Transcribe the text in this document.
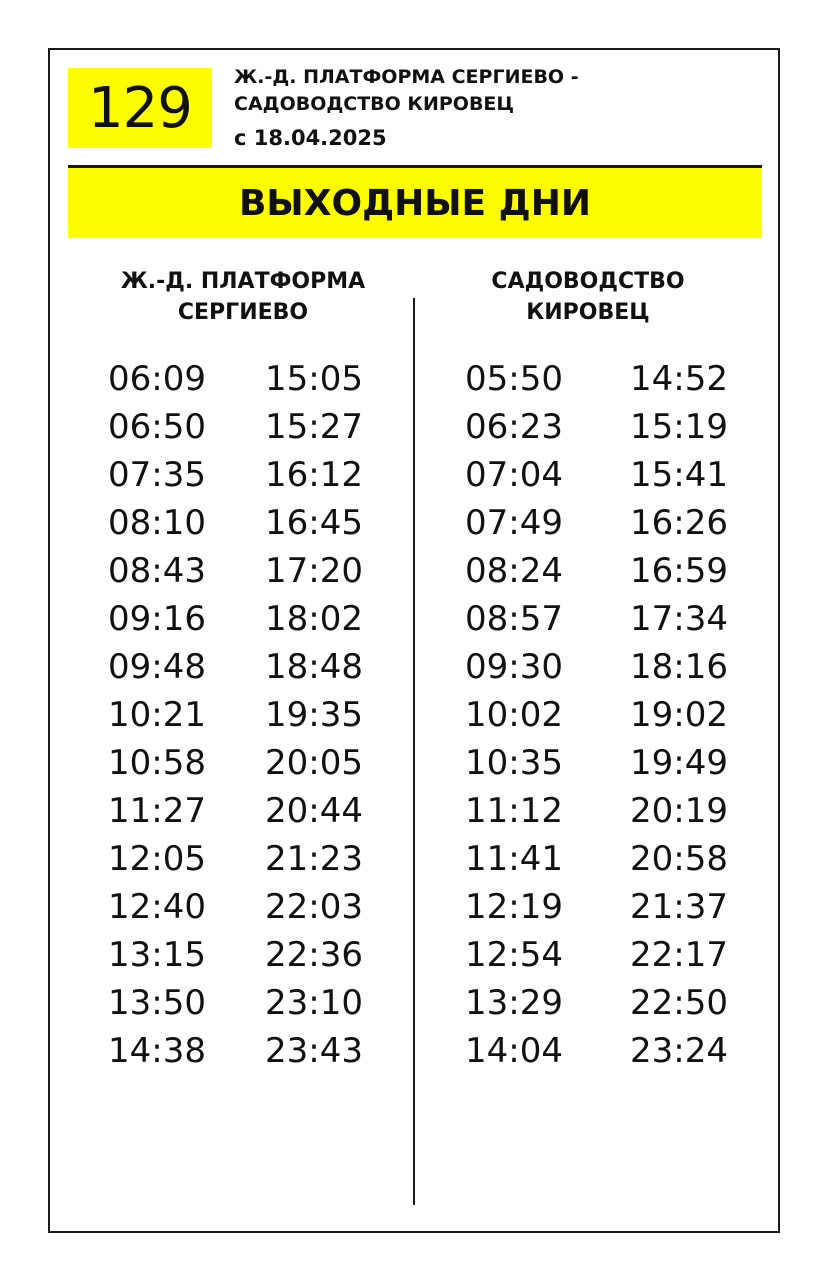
129 Ж.-Д. ПЛАТФОРМА СЕРГИЕВО -
САДОВОДСТВО КИРОВЕЦ
с 18.04.2025
ВЫХОДНЫЕ ДНИ
Ж.-Д. ПЛАТФОРМА
СЕРГИЕВО
САДОВОДСТВО
КИРОВЕЦ
06:09
06:50
07:35
08:10
08:43
09:16
09:48
10:21
10:58
11:27
12:05
12:40
13:15
13:50
14:38
15:05
15:27
16:12
16:45
17:20
18:02
18:48
19:35
20:05
20:44
21:23
22:03
22:36
23:10
23:43
05:50
06:23
07:04
07:49
08:24
08:57
09:30
10:02
10:35
11:12
11:41
12:19
12:54
13:29
14:04
14:52
15:19
15:41
16:26
16:59
17:34
18:16
19:02
19:49
20:19
20:58
21:37
22:17
22:50
23:24
